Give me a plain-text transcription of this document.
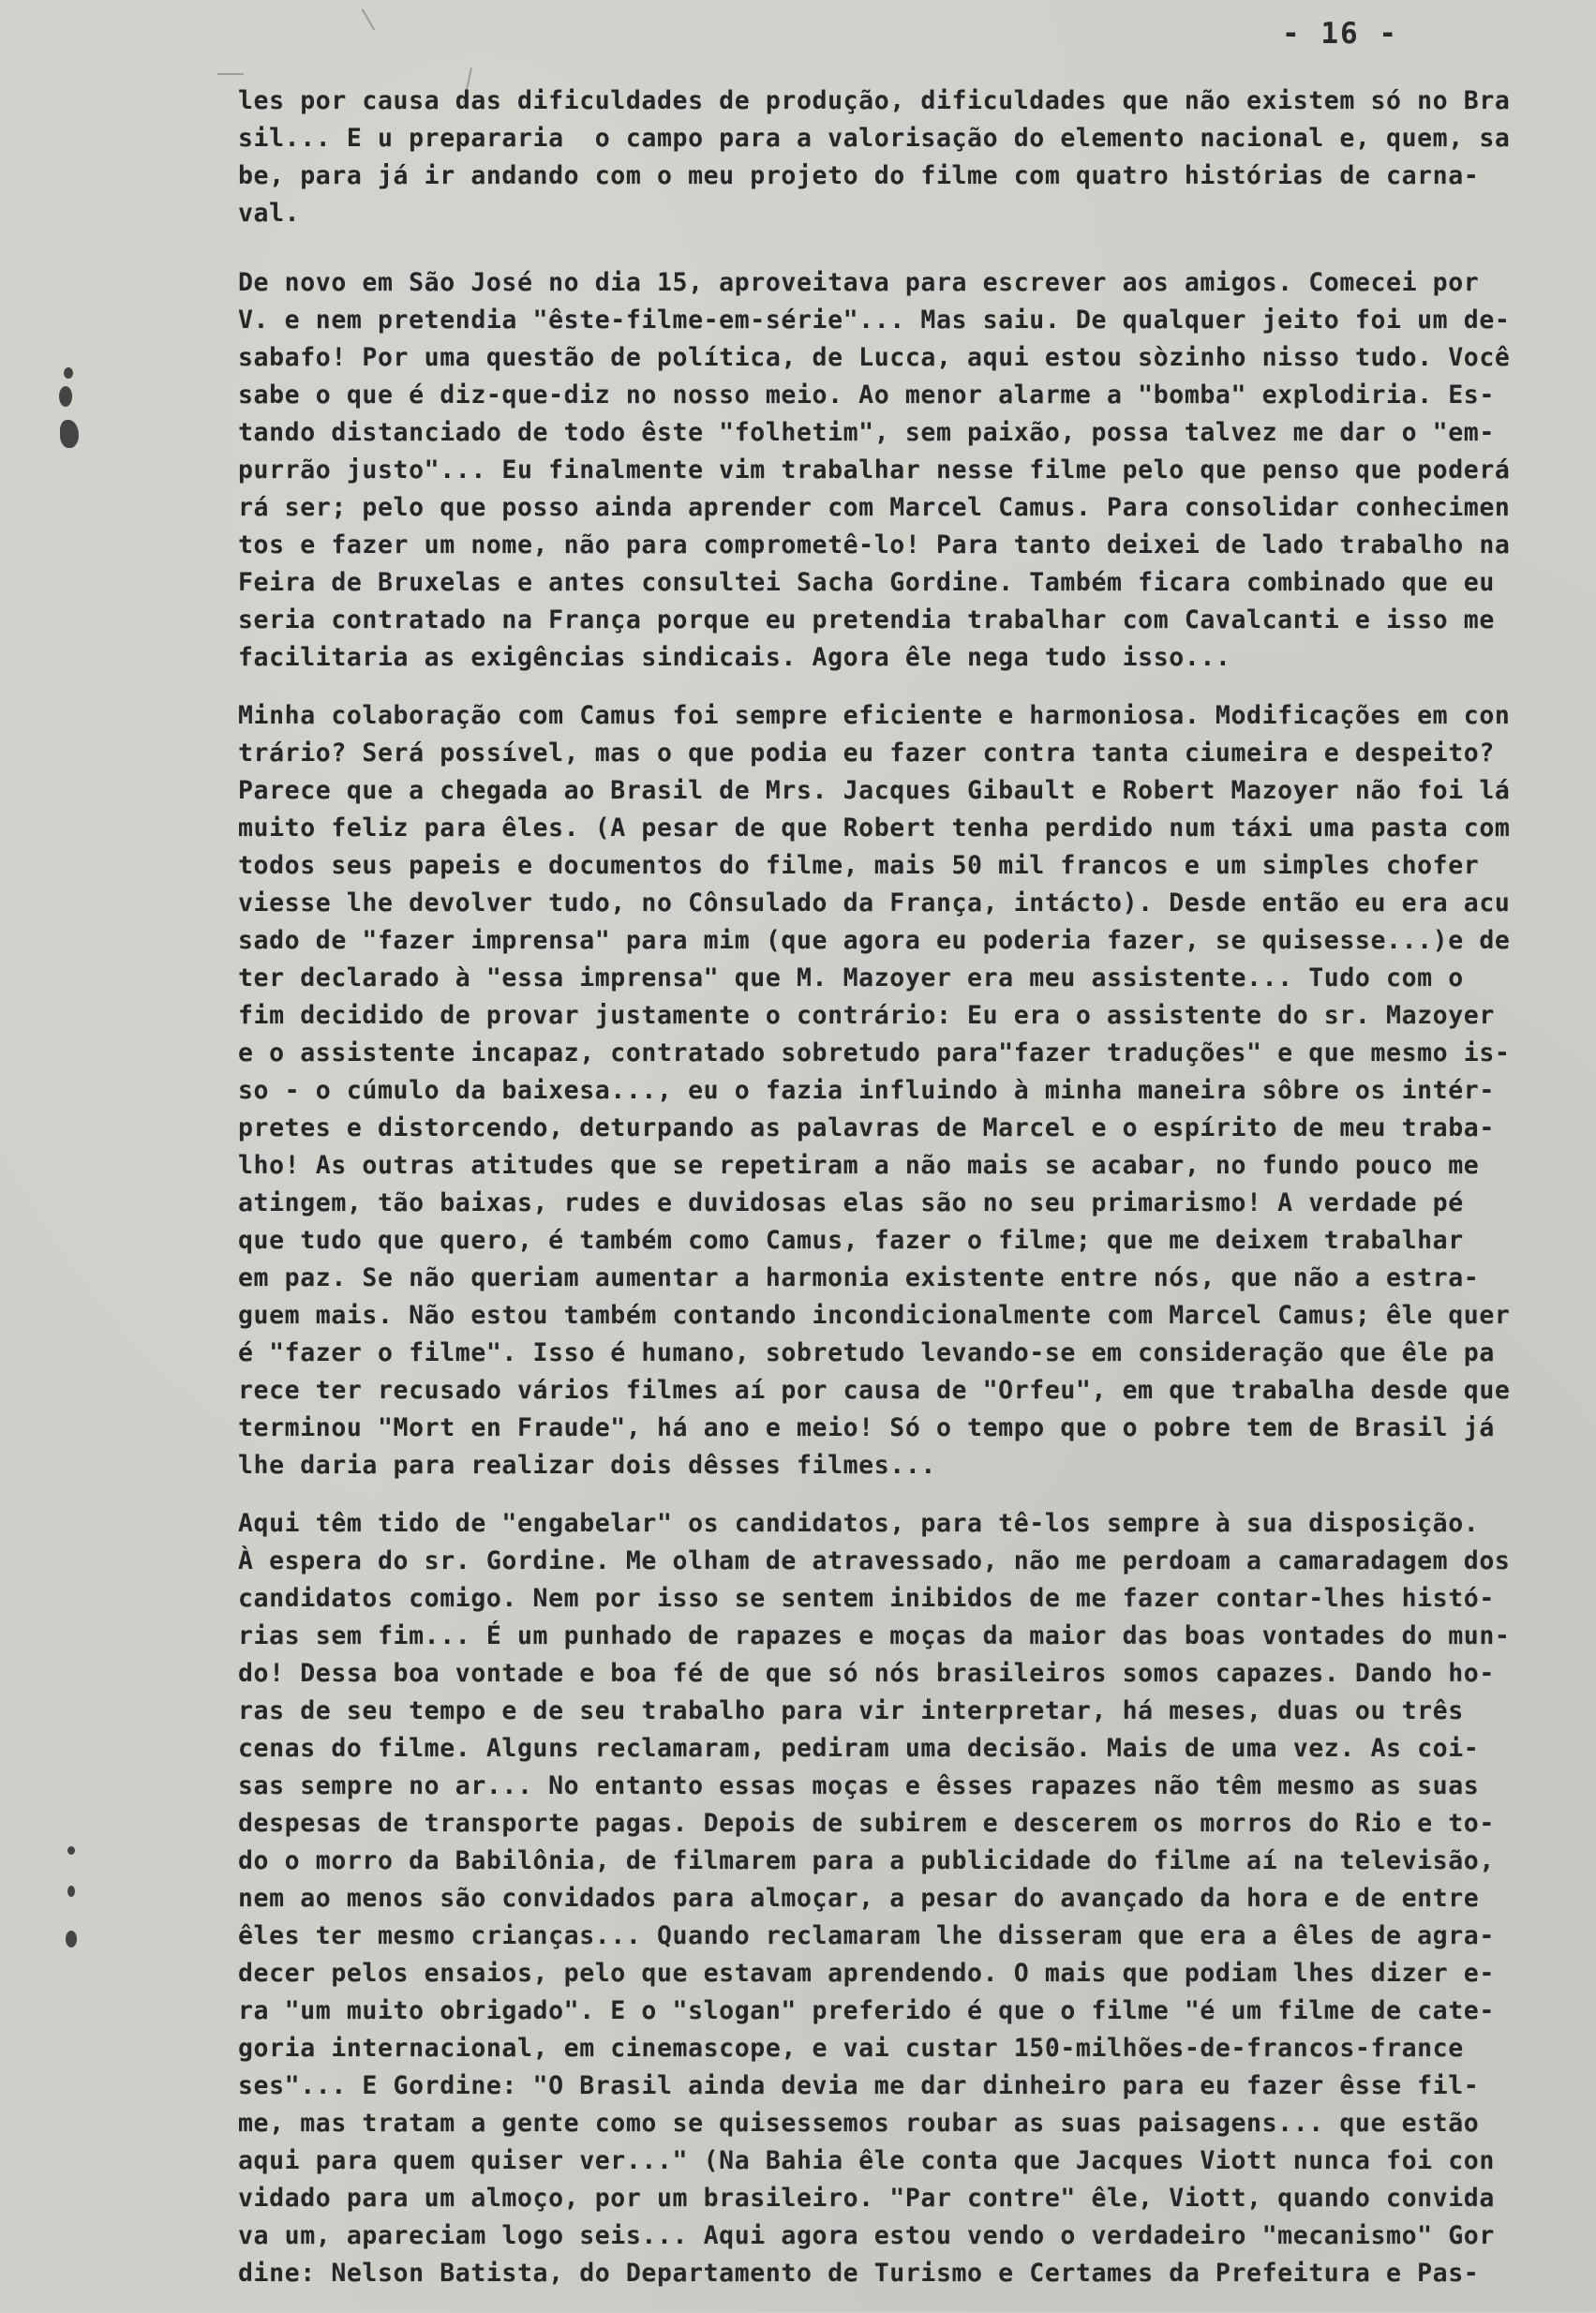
- 16 -
les por causa das dificuldades de produção, dificuldades que não existem só no Bra
sil... E u prepararia  o campo para a valorisação do elemento nacional e, quem, sa
be, para já ir andando com o meu projeto do filme com quatro histórias de carna-
val.
De novo em São José no dia 15, aproveitava para escrever aos amigos. Comecei por
V. e nem pretendia "êste-filme-em-série"... Mas saiu. De qualquer jeito foi um de-
sabafo! Por uma questão de política, de Lucca, aqui estou sòzinho nisso tudo. Você
sabe o que é diz-que-diz no nosso meio. Ao menor alarme a "bomba" explodiria. Es-
tando distanciado de todo êste "folhetim", sem paixão, possa talvez me dar o "em-
purrão justo"... Eu finalmente vim trabalhar nesse filme pelo que penso que poderá
rá ser; pelo que posso ainda aprender com Marcel Camus. Para consolidar conhecimen
tos e fazer um nome, não para comprometê-lo! Para tanto deixei de lado trabalho na
Feira de Bruxelas e antes consultei Sacha Gordine. Também ficara combinado que eu
seria contratado na França porque eu pretendia trabalhar com Cavalcanti e isso me
facilitaria as exigências sindicais. Agora êle nega tudo isso...
Minha colaboração com Camus foi sempre eficiente e harmoniosa. Modificações em con
trário? Será possível, mas o que podia eu fazer contra tanta ciumeira e despeito?
Parece que a chegada ao Brasil de Mrs. Jacques Gibault e Robert Mazoyer não foi lá
muito feliz para êles. (A pesar de que Robert tenha perdido num táxi uma pasta com
todos seus papeis e documentos do filme, mais 50 mil francos e um simples chofer
viesse lhe devolver tudo, no Cônsulado da França, intácto). Desde então eu era acu
sado de "fazer imprensa" para mim (que agora eu poderia fazer, se quisesse...)e de
ter declarado à "essa imprensa" que M. Mazoyer era meu assistente... Tudo com o
fim decidido de provar justamente o contrário: Eu era o assistente do sr. Mazoyer
e o assistente incapaz, contratado sobretudo para"fazer traduções" e que mesmo is-
so - o cúmulo da baixesa..., eu o fazia influindo à minha maneira sôbre os intér-
pretes e distorcendo, deturpando as palavras de Marcel e o espírito de meu traba-
lho! As outras atitudes que se repetiram a não mais se acabar, no fundo pouco me
atingem, tão baixas, rudes e duvidosas elas são no seu primarismo! A verdade pé
que tudo que quero, é também como Camus, fazer o filme; que me deixem trabalhar
em paz. Se não queriam aumentar a harmonia existente entre nós, que não a estra-
guem mais. Não estou também contando incondicionalmente com Marcel Camus; êle quer
é "fazer o filme". Isso é humano, sobretudo levando-se em consideração que êle pa
rece ter recusado vários filmes aí por causa de "Orfeu", em que trabalha desde que
terminou "Mort en Fraude", há ano e meio! Só o tempo que o pobre tem de Brasil já
lhe daria para realizar dois dêsses filmes...
Aqui têm tido de "engabelar" os candidatos, para tê-los sempre à sua disposição.
À espera do sr. Gordine. Me olham de atravessado, não me perdoam a camaradagem dos
candidatos comigo. Nem por isso se sentem inibidos de me fazer contar-lhes histó-
rias sem fim... É um punhado de rapazes e moças da maior das boas vontades do mun-
do! Dessa boa vontade e boa fé de que só nós brasileiros somos capazes. Dando ho-
ras de seu tempo e de seu trabalho para vir interpretar, há meses, duas ou três
cenas do filme. Alguns reclamaram, pediram uma decisão. Mais de uma vez. As coi-
sas sempre no ar... No entanto essas moças e êsses rapazes não têm mesmo as suas
despesas de transporte pagas. Depois de subirem e descerem os morros do Rio e to-
do o morro da Babilônia, de filmarem para a publicidade do filme aí na televisão,
nem ao menos são convidados para almoçar, a pesar do avançado da hora e de entre
êles ter mesmo crianças... Quando reclamaram lhe disseram que era a êles de agra-
decer pelos ensaios, pelo que estavam aprendendo. O mais que podiam lhes dizer e-
ra "um muito obrigado". E o "slogan" preferido é que o filme "é um filme de cate-
goria internacional, em cinemascope, e vai custar 150-milhões-de-francos-france
ses"... E Gordine: "O Brasil ainda devia me dar dinheiro para eu fazer êsse fil-
me, mas tratam a gente como se quisessemos roubar as suas paisagens... que estão
aqui para quem quiser ver..." (Na Bahia êle conta que Jacques Viott nunca foi con
vidado para um almoço, por um brasileiro. "Par contre" êle, Viott, quando convida
va um, apareciam logo seis... Aqui agora estou vendo o verdadeiro "mecanismo" Gor
dine: Nelson Batista, do Departamento de Turismo e Certames da Prefeitura e Pas-
